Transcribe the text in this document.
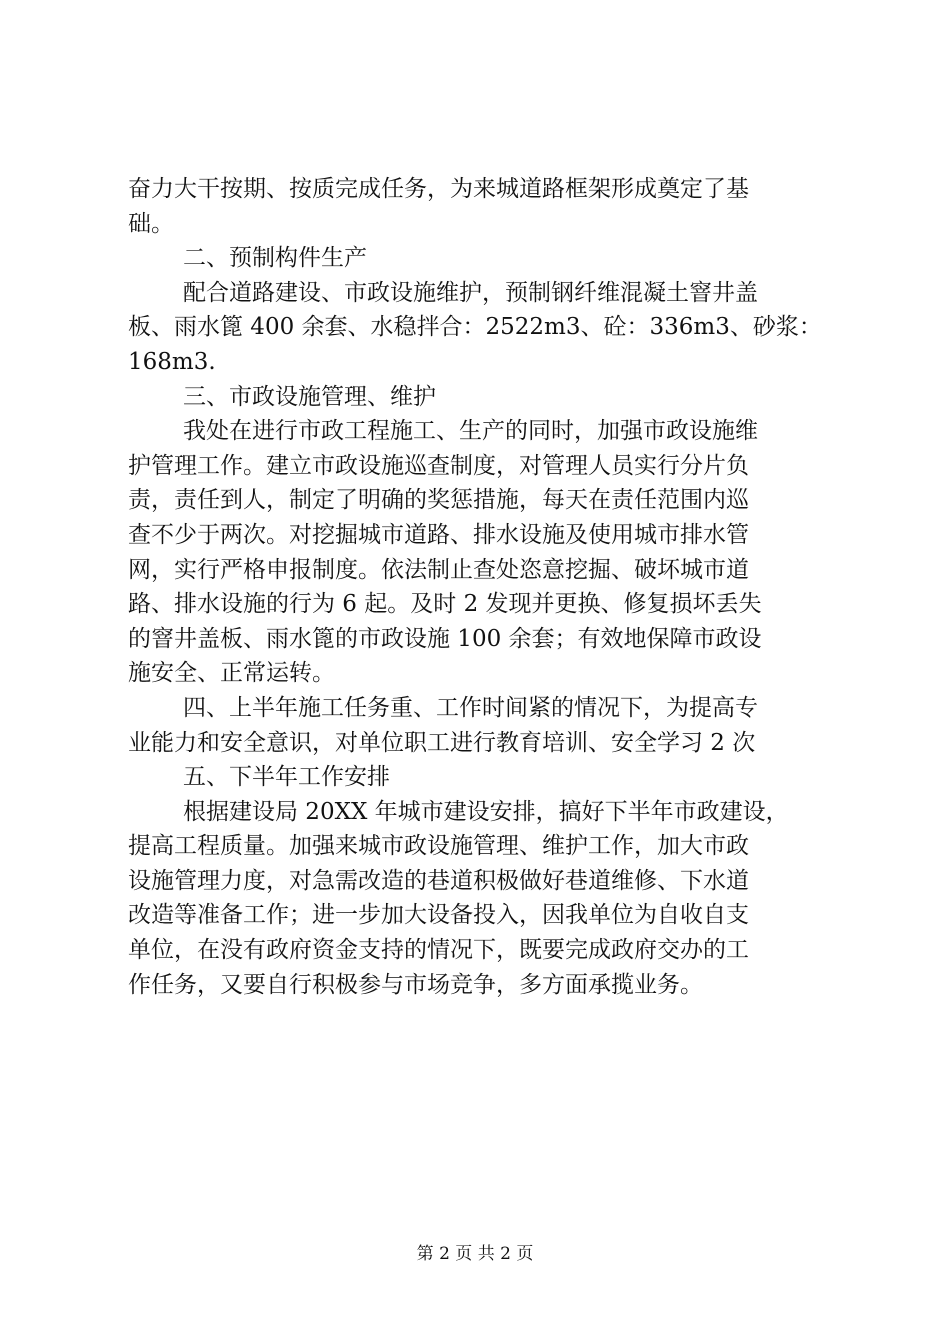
奋力大干按期、按质完成任务，为来城道路框架形成奠定了基
础。
二、预制构件生产
配合道路建设、市政设施维护，预制钢纤维混凝土窨井盖
板、雨水篦 400 余套、水稳拌合：2522m3、砼：336m3、砂浆：
168m3.
三、市政设施管理、维护
我处在进行市政工程施工、生产的同时，加强市政设施维
护管理工作。建立市政设施巡查制度，对管理人员实行分片负
责，责任到人，制定了明确的奖惩措施，每天在责任范围内巡
查不少于两次。对挖掘城市道路、排水设施及使用城市排水管
网，实行严格申报制度。依法制止查处恣意挖掘、破坏城市道
路、排水设施的行为 6 起。及时 2 发现并更换、修复损坏丢失
的窨井盖板、雨水篦的市政设施 100 余套；有效地保障市政设
施安全、正常运转。
四、上半年施工任务重、工作时间紧的情况下，为提高专
业能力和安全意识，对单位职工进行教育培训、安全学习 2 次
五、下半年工作安排
根据建设局 20XX 年城市建设安排，搞好下半年市政建设，
提高工程质量。加强来城市政设施管理、维护工作，加大市政
设施管理力度，对急需改造的巷道积极做好巷道维修、下水道
改造等准备工作；进一步加大设备投入，因我单位为自收自支
单位，在没有政府资金支持的情况下，既要完成政府交办的工
作任务，又要自行积极参与市场竞争，多方面承揽业务。
第 2 页 共 2 页
